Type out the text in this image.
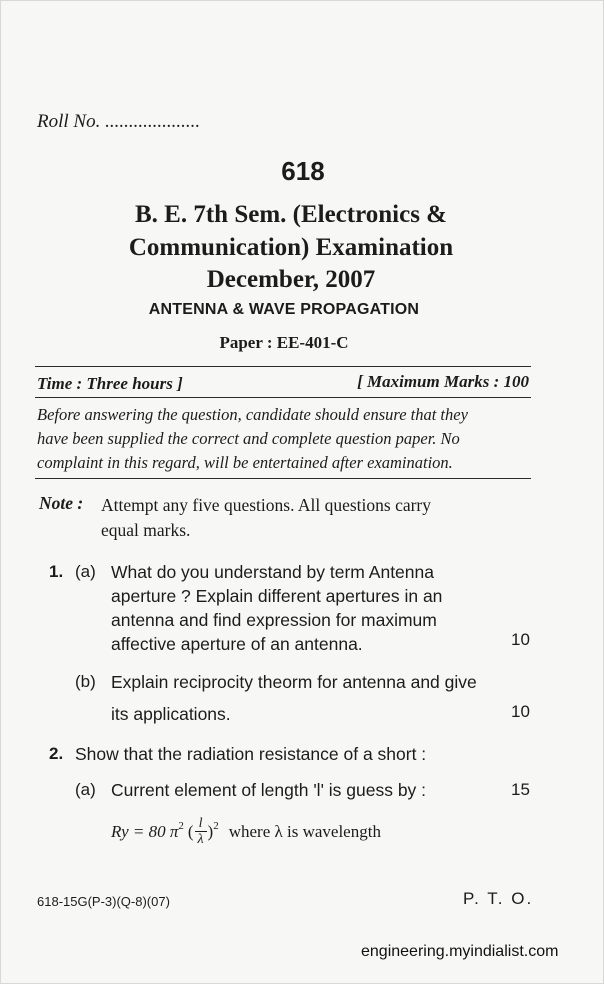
Roll No. ....................
618
B. E. 7th Sem. (Electronics &
Communication) Examination
December, 2007
ANTENNA & WAVE PROPAGATION
Paper : EE-401-C
Time : Three hours ]	[ Maximum Marks : 100
Before answering the question, candidate should ensure that they
have been supplied the correct and complete question paper. No
complaint in this regard, will be entertained after examination.
Note : Attempt any five questions. All questions carry
equal marks.
1. (a) What do you understand by term Antenna
aperture ? Explain different apertures in an
antenna and find expression for maximum
affective aperture of an antenna.	10
(b) Explain reciprocity theorm for antenna and give
its applications.	10
2. Show that the radiation resistance of a short :
(a) Current element of length 'l' is guess by :	15
Ry = 80 $\pi^2$ ( $\frac{l}{\lambda} )^2$ where λ is wavelength
618-15G(P-3)(Q-8)(07)	P. T. O.
engineering.myindialist.com
